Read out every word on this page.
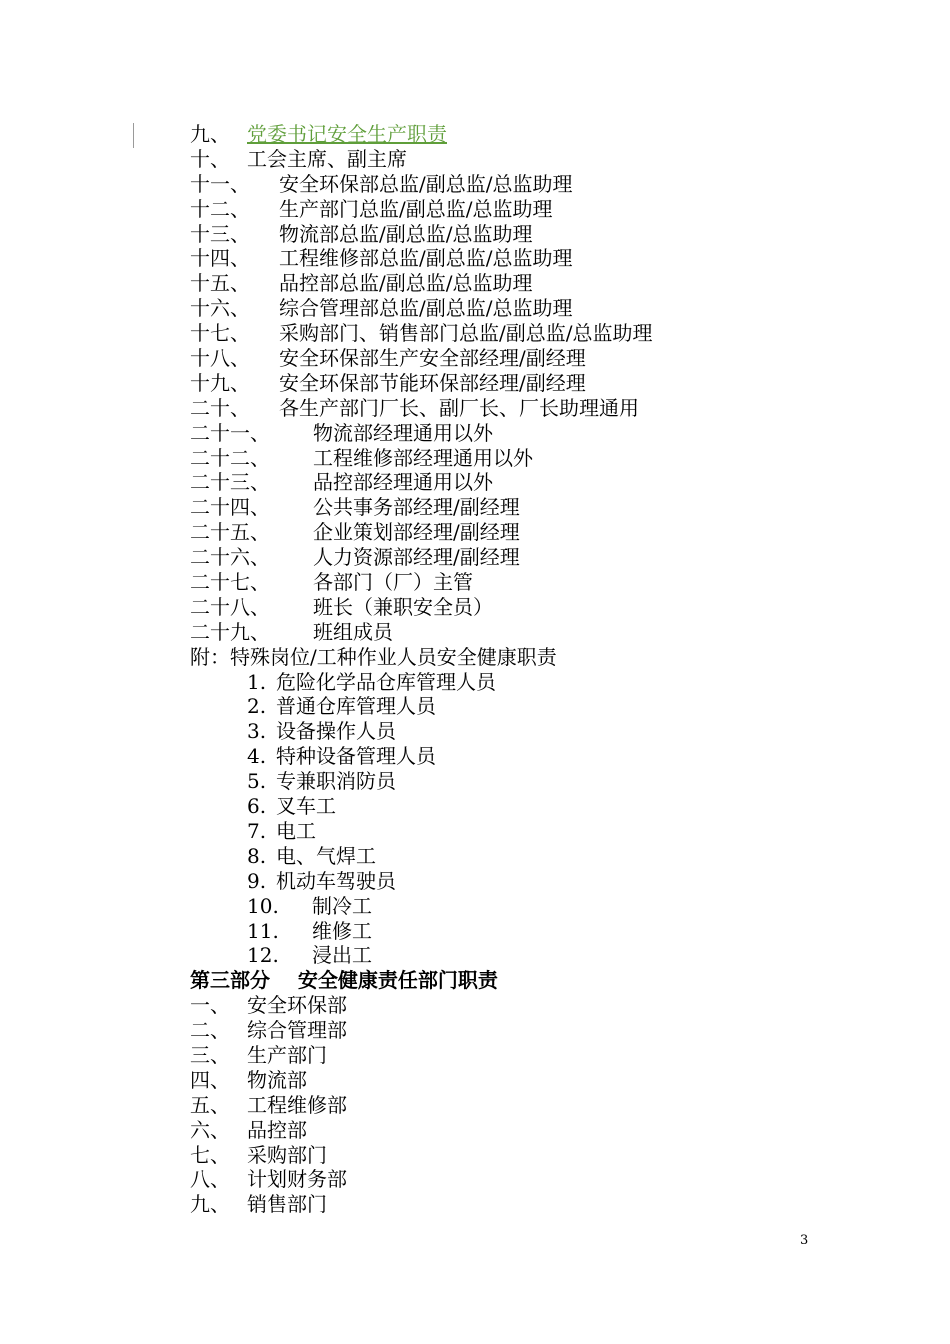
九、 党委书记安全生产职责
十、 工会主席、副主席
十一、 安全环保部总监/副总监/总监助理
十二、 生产部门总监/副总监/总监助理
十三、 物流部总监/副总监/总监助理
十四、 工程维修部总监/副总监/总监助理
十五、 品控部总监/副总监/总监助理
十六、 综合管理部总监/副总监/总监助理
十七、 采购部门、销售部门总监/副总监/总监助理
十八、 安全环保部生产安全部经理/副经理
十九、 安全环保部节能环保部经理/副经理
二十、 各生产部门厂长、副厂长、厂长助理通用
二十一、 物流部经理通用以外
二十二、 工程维修部经理通用以外
二十三、 品控部经理通用以外
二十四、 公共事务部经理/副经理
二十五、 企业策划部经理/副经理
二十六、 人力资源部经理/副经理
二十七、 各部门（厂）主管
二十八、 班长（兼职安全员）
二十九、 班组成员
附：特殊岗位/工种作业人员安全健康职责
1. 危险化学品仓库管理人员
2. 普通仓库管理人员
3. 设备操作人员
4. 特种设备管理人员
5. 专兼职消防员
6. 叉车工
7. 电工
8. 电、气焊工
9. 机动车驾驶员
10. 制冷工
11. 维修工
12. 浸出工
第三部分    安全健康责任部门职责
一、 安全环保部
二、 综合管理部
三、 生产部门
四、 物流部
五、 工程维修部
六、 品控部
七、 采购部门
八、 计划财务部
九、 销售部门
3
